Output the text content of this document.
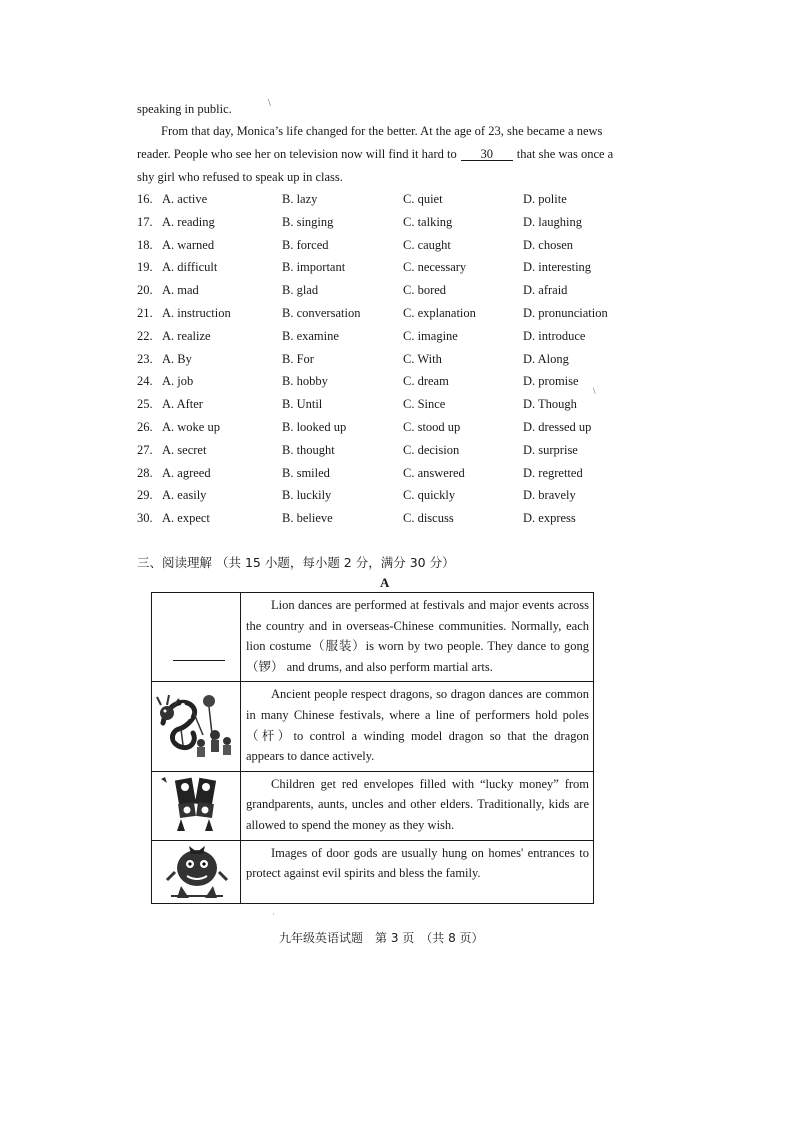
\
\
speaking in public.
From that day, Monica’s life changed for the better. At the age of 23, she became a news
reader. People who see her on television now will find it hard to 30 that she was once a
shy girl who refused to speak up in class.
16. A. active	B. lazy	C. quiet	D. polite
17. A. reading	B. singing	C. talking	D. laughing
18. A. warned	B. forced	C. caught	D. chosen
19. A. difficult	B. important	C. necessary	D. interesting
20. A. mad	B. glad	C. bored	D. afraid
21. A. instruction	B. conversation	C. explanation	D. pronunciation
22. A. realize	B. examine	C. imagine	D. introduce
23. A. By	B. For	C. With	D. Along
24. A. job	B. hobby	C. dream	D. promise
25. A. After	B. Until	C. Since	D. Though
26. A. woke up	B. looked up	C. stood up	D. dressed up
27. A. secret	B. thought	C. decision	D. surprise
28. A. agreed	B. smiled	C. answered	D. regretted
29. A. easily	B. luckily	C. quickly	D. bravely
30. A. expect	B. believe	C. discuss	D. express
三、阅读理解 （共 15 小题，每小题 2 分，满分 30 分）
A
	Lion dances are performed at festivals and major events across the country and in overseas-Chinese communities. Normally, each lion costume（服装）is worn by two people. They dance to gong（锣） and drums, and also perform martial arts.

	Ancient people respect dragons, so dragon dances are common in many Chinese festivals, where a line of performers hold poles（杆）to control a winding model dragon so that the dragon appears to dance actively.

	Children get red envelopes filled with “lucky money” from grandparents, aunts, uncles and other elders. Traditionally, kids are allowed to spend the money as they wish.

	Images of door gods are usually hung on homes' entrances to protect against evil spirits and bless the family.
·
九年级英语试题　第 3 页　（共 8 页）
